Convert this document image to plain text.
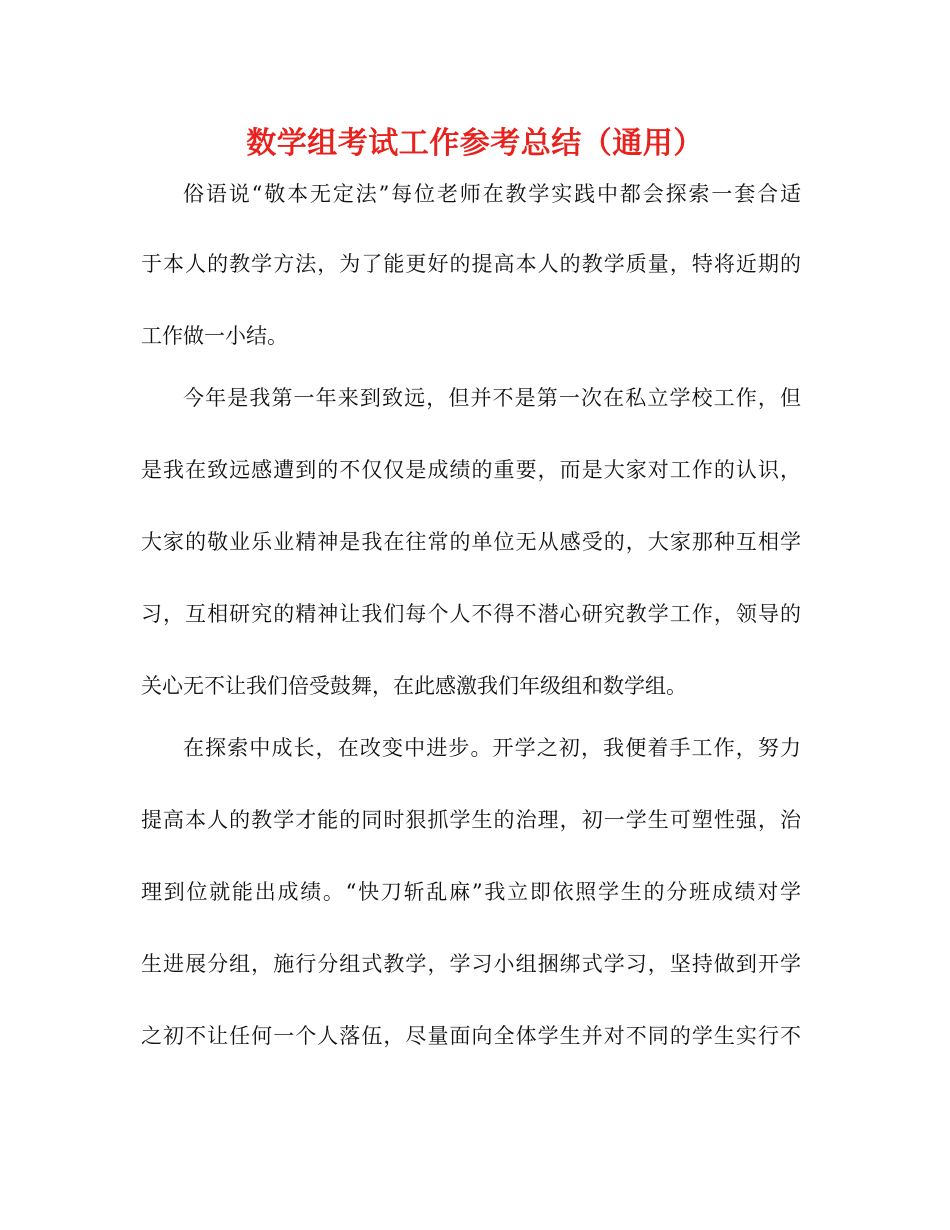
数学组考试工作参考总结（通用）
俗语说“敬本无定法”每位老师在教学实践中都会探索一套合适
于本人的教学方法，为了能更好的提高本人的教学质量，特将近期的
工作做一小结。
今年是我第一年来到致远，但并不是第一次在私立学校工作，但
是我在致远感遭到的不仅仅是成绩的重要，而是大家对工作的认识，
大家的敬业乐业精神是我在往常的单位无从感受的，大家那种互相学
习，互相研究的精神让我们每个人不得不潜心研究教学工作，领导的
关心无不让我们倍受鼓舞，在此感激我们年级组和数学组。
在探索中成长，在改变中进步。开学之初，我便着手工作，努力
提高本人的教学才能的同时狠抓学生的治理，初一学生可塑性强，治
理到位就能出成绩。“快刀斩乱麻”我立即依照学生的分班成绩对学
生进展分组，施行分组式教学，学习小组捆绑式学习，坚持做到开学
之初不让任何一个人落伍，尽量面向全体学生并对不同的学生实行不
